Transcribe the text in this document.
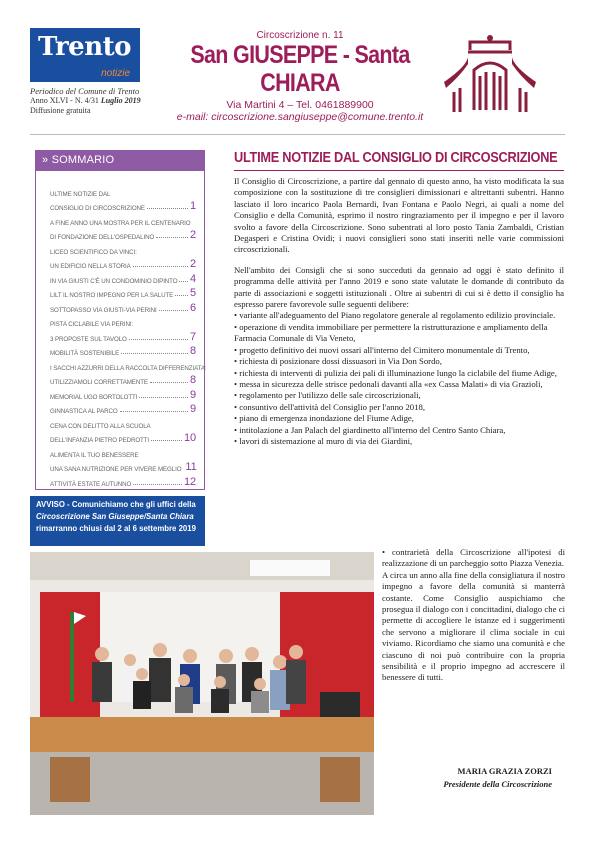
Trento
notizie
Periodico del Comune di Trento
Anno XLVI - N. 4/31 Luglio 2019
Diffusione gratuita
Circoscrizione n. 11
San GIUSEPPE - Santa CHIARA
Via Martini 4 – Tel. 0461889900
e-mail: circoscrizione.sangiuseppe@comune.trento.it
» SOMMARIO
ULTIME NOTIZIE DAL
CONSIGLIO DI CIRCOSCRIZIONE	1
A FINE ANNO UNA MOSTRA PER IL CENTENARIO
DI FONDAZIONE DELL'OSPEDALINO	2
LICEO SCIENTIFICO DA VINCI:
UN EDIFICIO NELLA STORIA	2
IN VIA GIUSTI C'È UN CONDOMINIO DIPINTO 4
LILT IL NOSTRO IMPEGNO PER LA SALUTE 5
SOTTOPASSO VIA GIUSTI-VIA PERINI	6
PISTA CICLABILE VIA PERINI:
3 PROPOSTE SUL TAVOLO	7
MOBILITÀ SOSTENIBILE	8
I SACCHI AZZURRI DELLA RACCOLTA DIFFERENZIATA:
UTILIZZIAMOLI CORRETTAMENTE	8
MEMORIAL UGO BORTOLOTTI	9
GINNASTICA AL PARCO	9
CENA CON DELITTO ALLA SCUOLA
DELL'INFANZIA PIETRO PEDROTTI	10
ALIMENTA IL TUO BENESSERE
UNA SANA NUTRIZIONE PER VIVERE MEGLIO 11
ATTIVITÀ ESTATE AUTUNNO	12
AVVISO - Comunichiamo che gli uffici della
Circoscrizione San Giuseppe/Santa Chiara
rimarranno chiusi dal 2 al 6 settembre 2019
ULTIME NOTIZIE DAL CONSIGLIO DI CIRCOSCRIZIONE

Il Consiglio di Circoscrizione, a partire dal gennaio di questo anno, ha visto modificata la sua composizione con la sostituzione di tre consiglieri dimissionari e altrettanti subentri. Hanno lasciato il loro incarico Paola Bernardi, Ivan Fontana e Paolo Negri, ai quali a nome del Consiglio e della Comunità, esprimo il nostro ringraziamento per il impegno e per il lavoro svolto a favore della Circoscrizione. Sono subentrati al loro posto Tania Zambaldi, Cristian Degasperi e Cristina Ovidi; i nuovi consiglieri sono stati inseriti nelle varie commissioni circoscrizionali.

Nell'ambito dei Consigli che si sono succeduti da gennaio ad oggi è stato definito il programma delle attività per l'anno 2019 e sono state valutate le domande di contributo da parte di associazioni e soggetti istituzionali . Oltre ai subentri di cui si è detto il consiglio ha espresso parere favorevole sulle seguenti delibere:

• variante all'adeguamento del Piano regolatore generale al regolamento edilizio provinciale.
• operazione di vendita immobiliare per permettere la ristrutturazione e ampliamento della Farmacia Comunale di Via Veneto,
• progetto definitivo dei nuovi ossari all'interno del Cimitero monumentale di Trento,
• richiesta di posizionare dossi dissuasori in Via Don Sordo,
• richiesta di interventi di pulizia dei pali di illuminazione lungo la ciclabile del fiume Adige,
• messa in sicurezza delle strisce pedonali davanti alla «ex Cassa Malati» di via Grazioli,
• regolamento per l'utilizzo delle sale circoscrizionali,
• consuntivo dell'attività del Consiglio per l'anno 2018,
• piano di emergenza inondazione del Fiume Adige,
• intitolazione a Jan Palach del giardinetto all'interno del Centro Santo Chiara,
• lavori di sistemazione al muro di via dei Giardini,
• contrarietà della Circoscrizione all'ipotesi di realizzazione di un parcheggio sotto Piazza Venezia.
A circa un anno alla fine della consigliatura il nostro impegno a favore della comunità si manterrà costante. Come Consiglio auspichiamo che prosegua il dialogo con i concittadini, dialogo che ci permette di accogliere le istanze ed i suggerimenti che servono a migliorare il clima sociale in cui viviamo. Ricordiamo che siamo una comunità e che ciascuno di noi può contribuire con la propria sensibilità e il proprio impegno ad accrescere il benessere di tutti.
MARIA GRAZIA ZORZI
Presidente della Circoscrizione
